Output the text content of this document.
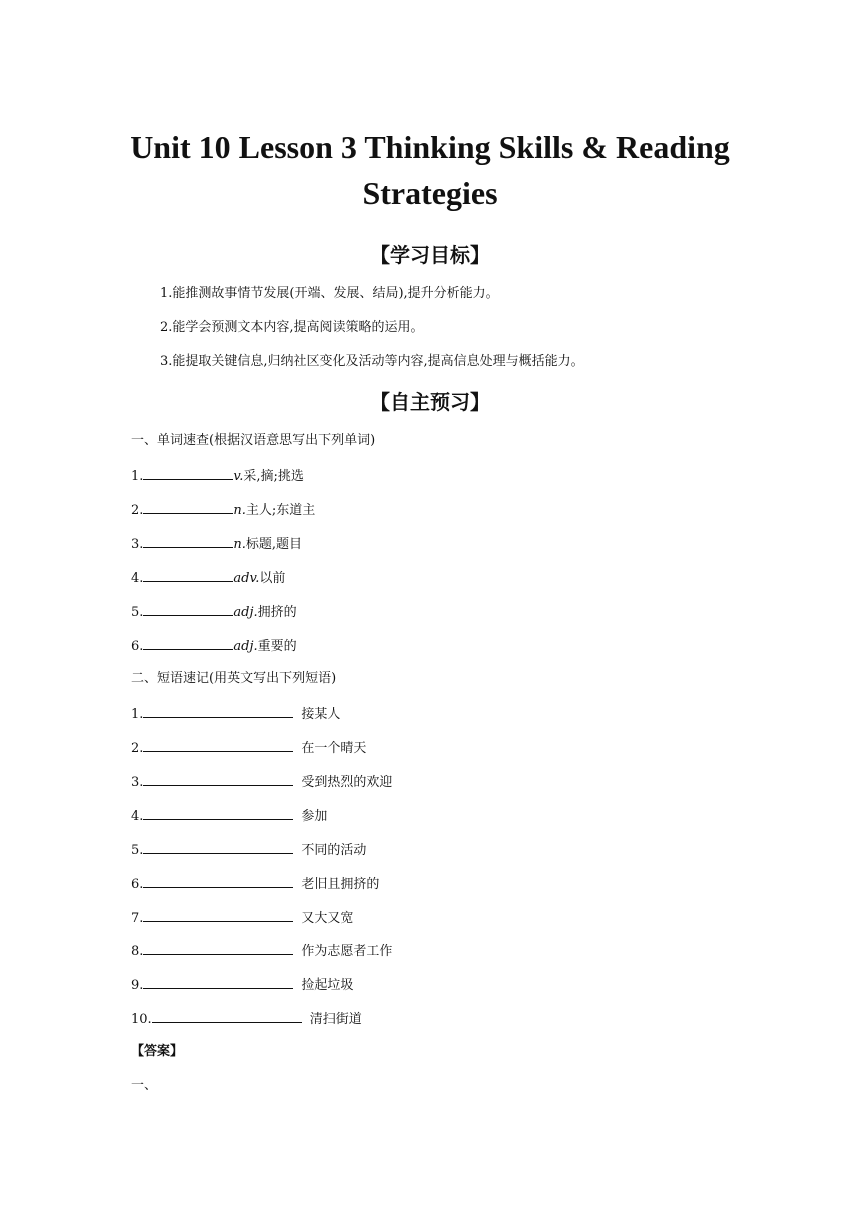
Unit 10 Lesson 3 Thinking Skills & Reading Strategies
【学习目标】

1.能推测故事情节发展(开端、发展、结局),提升分析能力。

2.能学会预测文本内容,提高阅读策略的运用。

3.能提取关键信息,归纳社区变化及活动等内容,提高信息处理与概括能力。

【自主预习】

一、单词速查(根据汉语意思写出下列单词)

1.	v.采,摘;挑选

2.	n.主人;东道主

3.	n.标题,题目

4.	adv.以前

5.	adj.拥挤的

6.	adj.重要的

二、短语速记(用英文写出下列短语)

1.	接某人

2.	在一个晴天

3.	受到热烈的欢迎

4.	参加

5.	不同的活动

6.	老旧且拥挤的

7.	又大又宽

8.	作为志愿者工作

9.	捡起垃圾

10.	清扫街道

【答案】

一、
